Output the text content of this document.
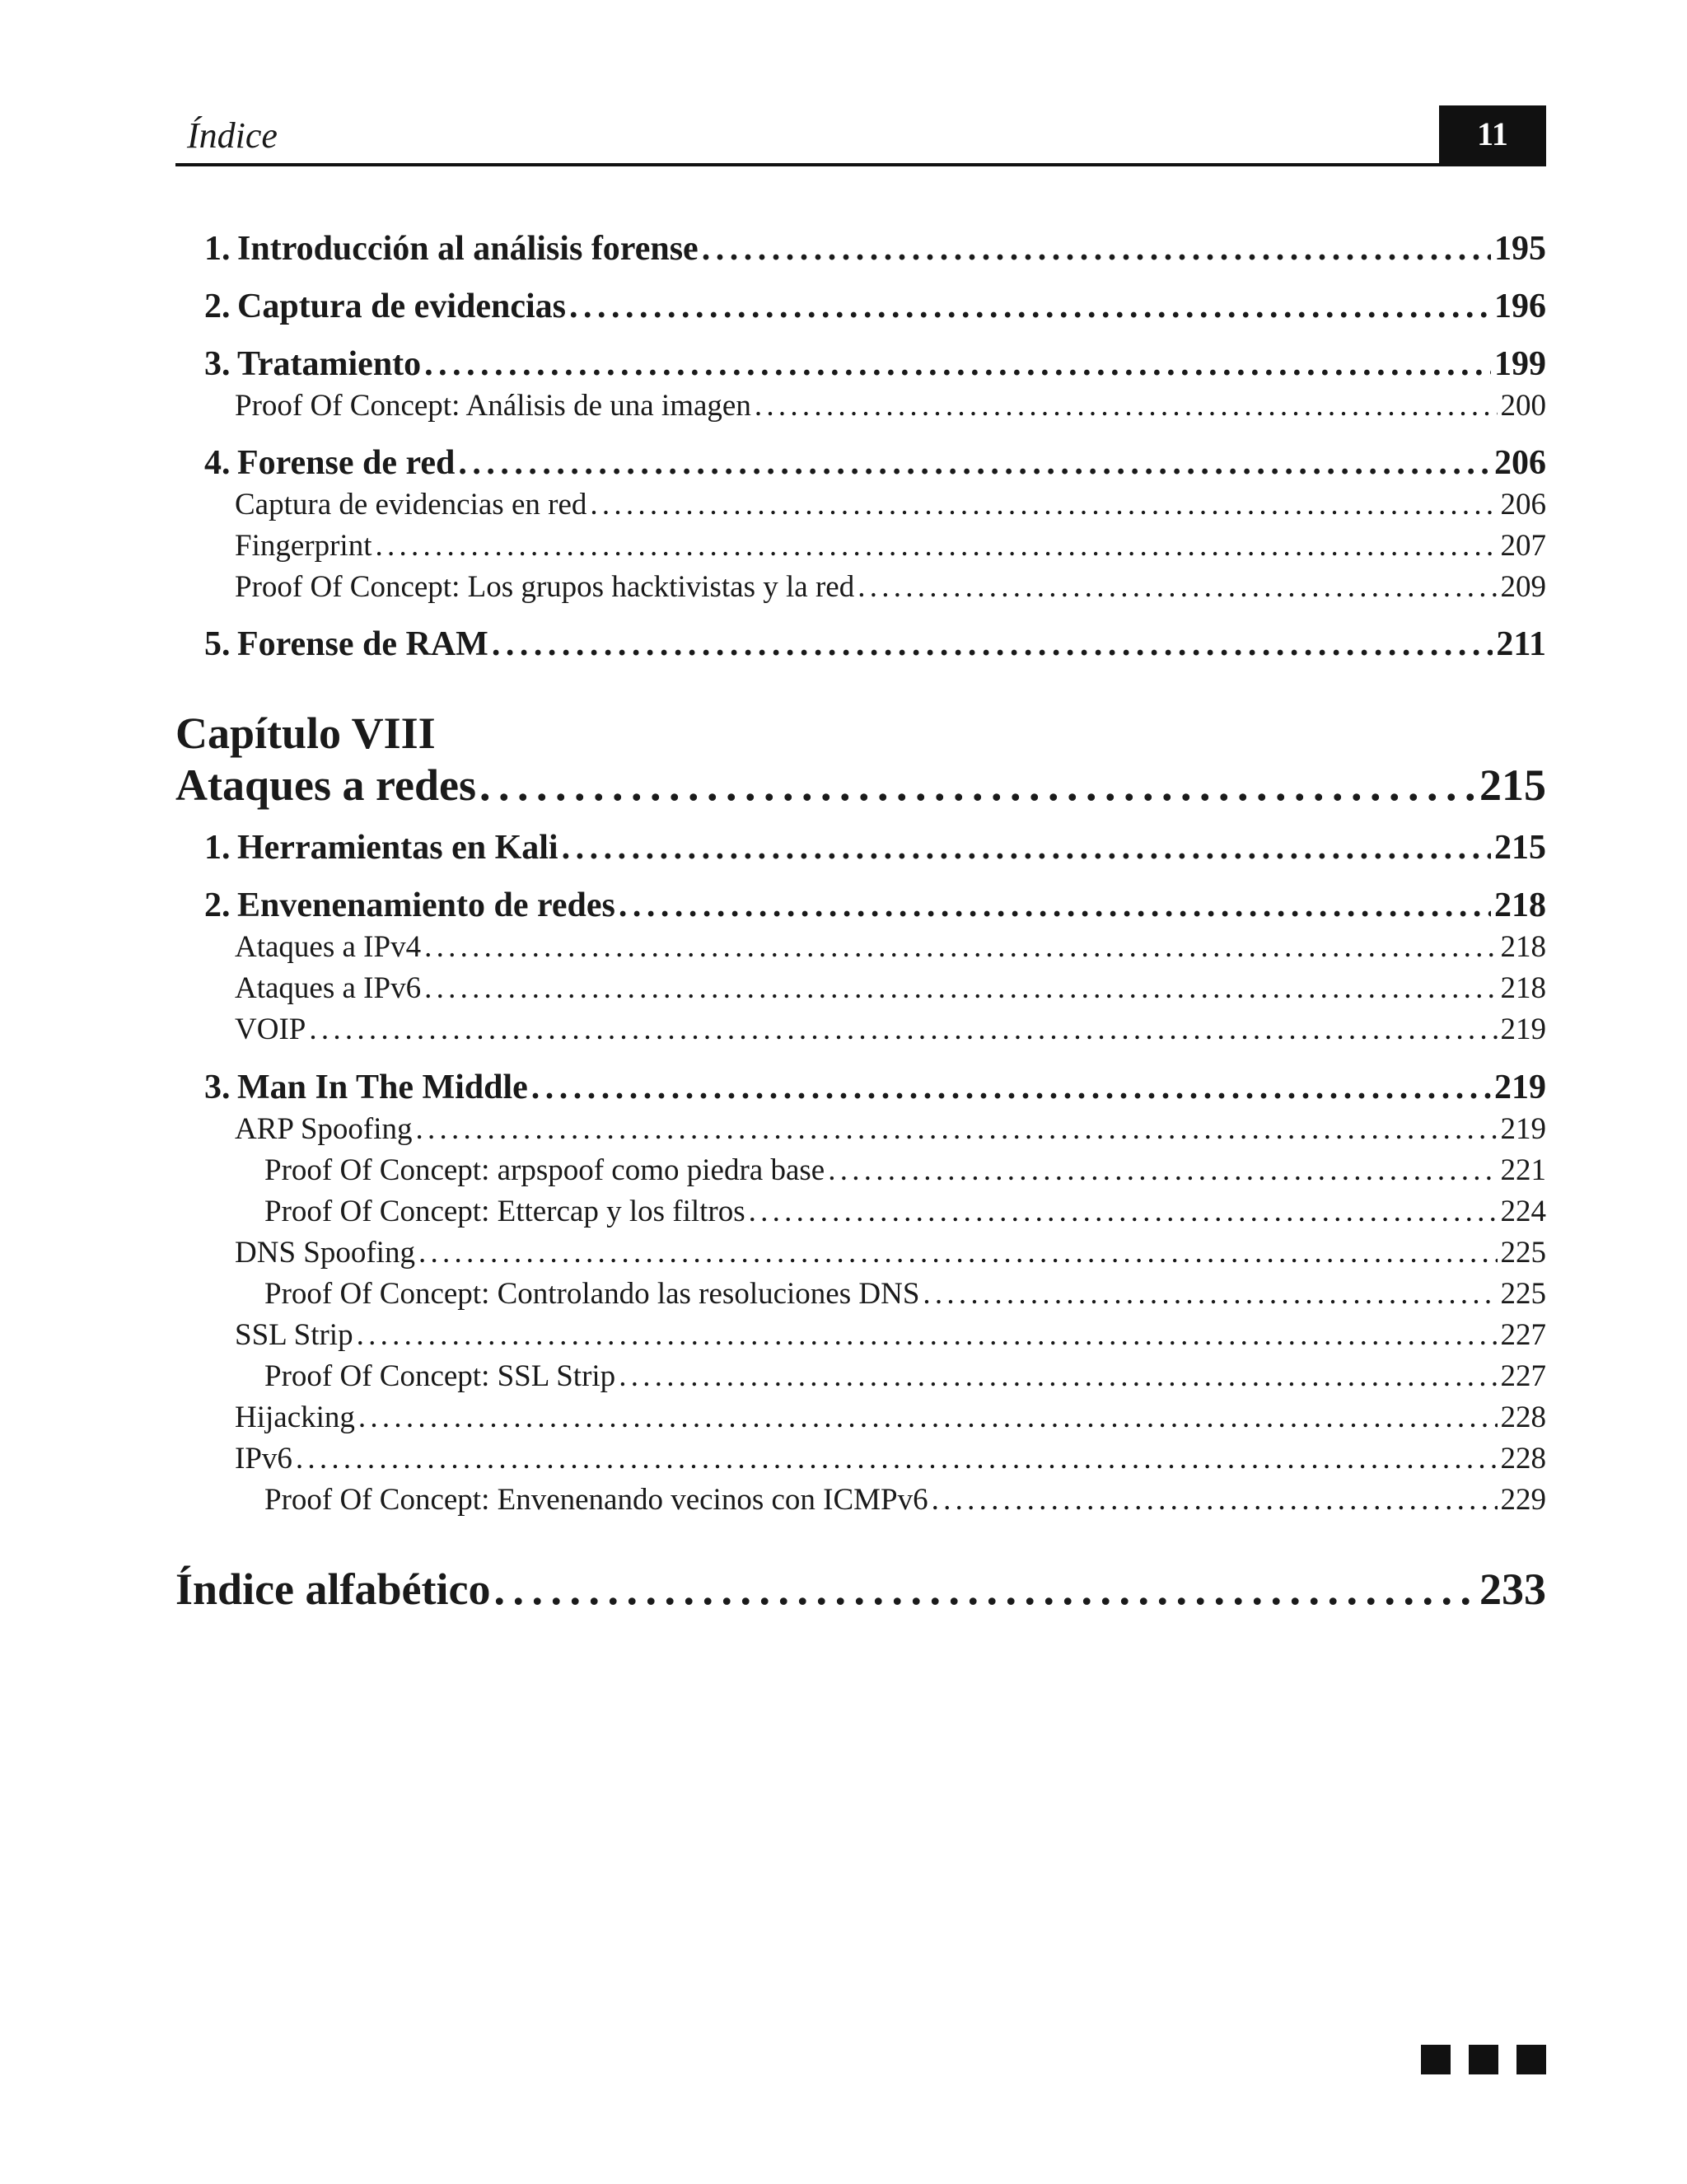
Índice	11
1. Introducción al análisis forense . . .	195
2. Captura de evidencias . . .	196
3. Tratamiento . . .	199
Proof Of Concept: Análisis de una imagen . . .	200
4. Forense de red . . .	206
Captura de evidencias en red . . .	206
Fingerprint . . .	207
Proof Of Concept: Los grupos hacktivistas y la red . . .	209
5. Forense de RAM . . .	211
Capítulo VIII
Ataques a redes . . .	215
1. Herramientas en Kali . . .	215
2. Envenenamiento de redes . . .	218
Ataques a IPv4 . . .	218
Ataques a IPv6 . . .	218
VOIP . . .	219
3. Man In The Middle . . .	219
ARP Spoofing . . .	219
Proof Of Concept: arpspoof como piedra base . . .	221
Proof Of Concept: Ettercap y los filtros . . .	224
DNS Spoofing . . .	225
Proof Of Concept: Controlando las resoluciones DNS . . .	225
SSL Strip . . .	227
Proof Of Concept: SSL Strip . . .	227
Hijacking . . .	228
IPv6 . . .	228
Proof Of Concept: Envenenando vecinos con ICMPv6 . . .	229
Índice alfabético . . .	233
